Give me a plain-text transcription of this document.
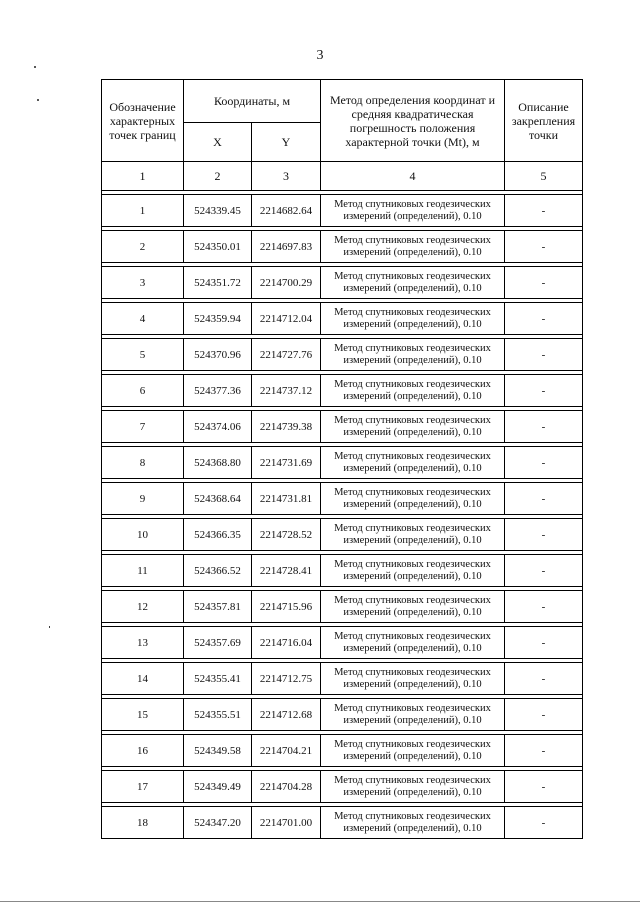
3
Обозначение характерных точек границ	Координаты, м		Метод определения координат и средняя квадратическая погрешность положения характерной точки (Mt), м	Описание закрепления точки
	X	Y		
1	2	3	4	5

1	524339.45	2214682.64	Метод спутниковых геодезических измерений (определений), 0.10	-

2	524350.01	2214697.83	Метод спутниковых геодезических измерений (определений), 0.10	-

3	524351.72	2214700.29	Метод спутниковых геодезических измерений (определений), 0.10	-

4	524359.94	2214712.04	Метод спутниковых геодезических измерений (определений), 0.10	-

5	524370.96	2214727.76	Метод спутниковых геодезических измерений (определений), 0.10	-

6	524377.36	2214737.12	Метод спутниковых геодезических измерений (определений), 0.10	-

7	524374.06	2214739.38	Метод спутниковых геодезических измерений (определений), 0.10	-

8	524368.80	2214731.69	Метод спутниковых геодезических измерений (определений), 0.10	-

9	524368.64	2214731.81	Метод спутниковых геодезических измерений (определений), 0.10	-

10	524366.35	2214728.52	Метод спутниковых геодезических измерений (определений), 0.10	-

11	524366.52	2214728.41	Метод спутниковых геодезических измерений (определений), 0.10	-

12	524357.81	2214715.96	Метод спутниковых геодезических измерений (определений), 0.10	-

13	524357.69	2214716.04	Метод спутниковых геодезических измерений (определений), 0.10	-

14	524355.41	2214712.75	Метод спутниковых геодезических измерений (определений), 0.10	-

15	524355.51	2214712.68	Метод спутниковых геодезических измерений (определений), 0.10	-

16	524349.58	2214704.21	Метод спутниковых геодезических измерений (определений), 0.10	-

17	524349.49	2214704.28	Метод спутниковых геодезических измерений (определений), 0.10	-

18	524347.20	2214701.00	Метод спутниковых геодезических измерений (определений), 0.10	-
